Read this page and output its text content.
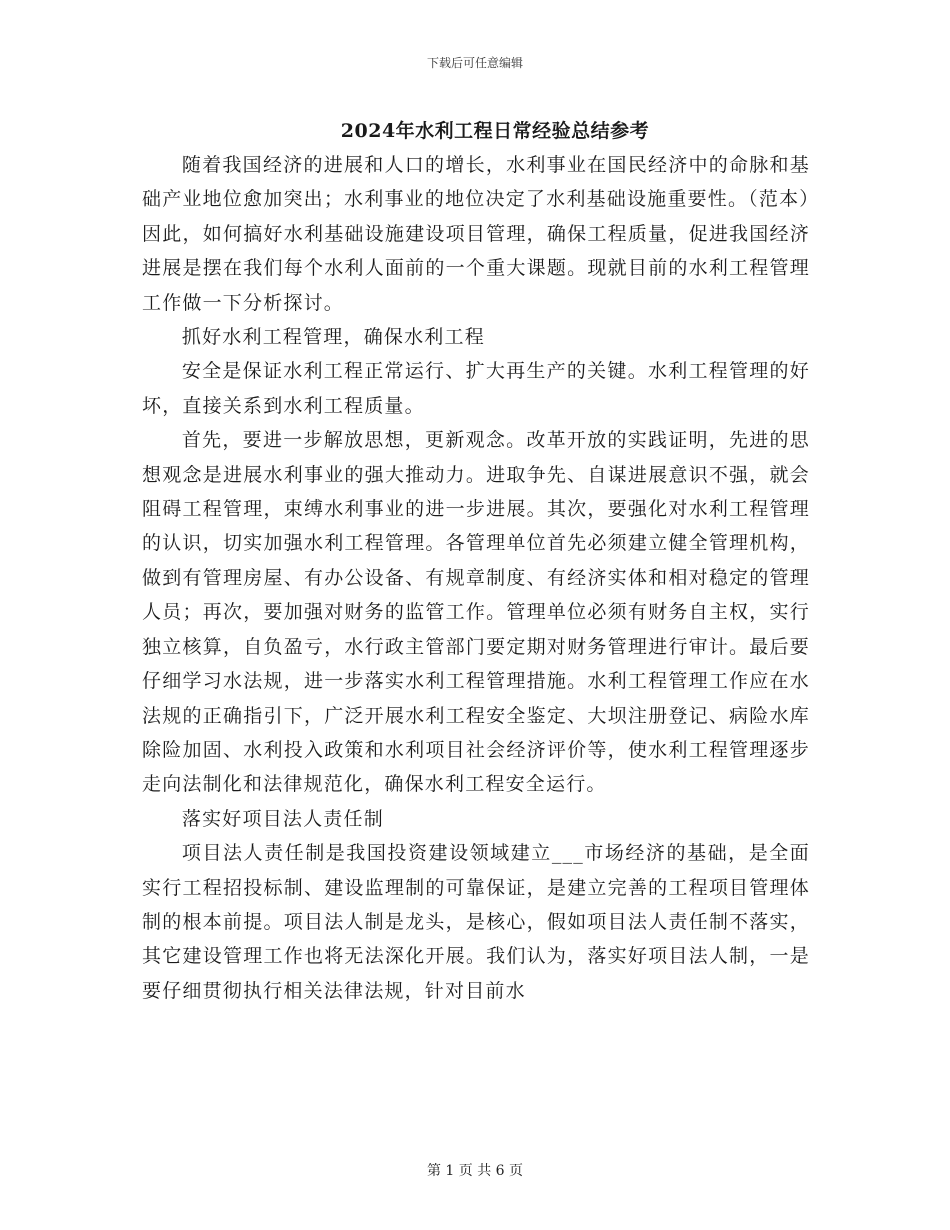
下载后可任意编辑
2024年水利工程日常经验总结参考

随着我国经济的进展和人口的增长，水利事业在国民经济中的命脉和基础产业地位愈加突出；水利事业的地位决定了水利基础设施重要性。（范本）因此，如何搞好水利基础设施建设项目管理，确保工程质量，促进我国经济进展是摆在我们每个水利人面前的一个重大课题。现就目前的水利工程管理工作做一下分析探讨。

抓好水利工程管理，确保水利工程

安全是保证水利工程正常运行、扩大再生产的关键。水利工程管理的好坏，直接关系到水利工程质量。

首先，要进一步解放思想，更新观念。改革开放的实践证明，先进的思想观念是进展水利事业的强大推动力。进取争先、自谋进展意识不强，就会阻碍工程管理，束缚水利事业的进一步进展。其次，要强化对水利工程管理的认识，切实加强水利工程管理。各管理单位首先必须建立健全管理机构，做到有管理房屋、有办公设备、有规章制度、有经济实体和相对稳定的管理人员；再次，要加强对财务的监管工作。管理单位必须有财务自主权，实行独立核算，自负盈亏，水行政主管部门要定期对财务管理进行审计。最后要仔细学习水法规，进一步落实水利工程管理措施。水利工程管理工作应在水法规的正确指引下，广泛开展水利工程安全鉴定、大坝注册登记、病险水库除险加固、水利投入政策和水利项目社会经济评价等，使水利工程管理逐步走向法制化和法律规范化，确保水利工程安全运行。

落实好项目法人责任制

项目法人责任制是我国投资建设领域建立___市场经济的基础，是全面实行工程招投标制、建设监理制的可靠保证，是建立完善的工程项目管理体制的根本前提。项目法人制是龙头，是核心，假如项目法人责任制不落实，其它建设管理工作也将无法深化开展。我们认为，落实好项目法人制，一是要仔细贯彻执行相关法律法规，针对目前水

第 1 页 共 6 页
